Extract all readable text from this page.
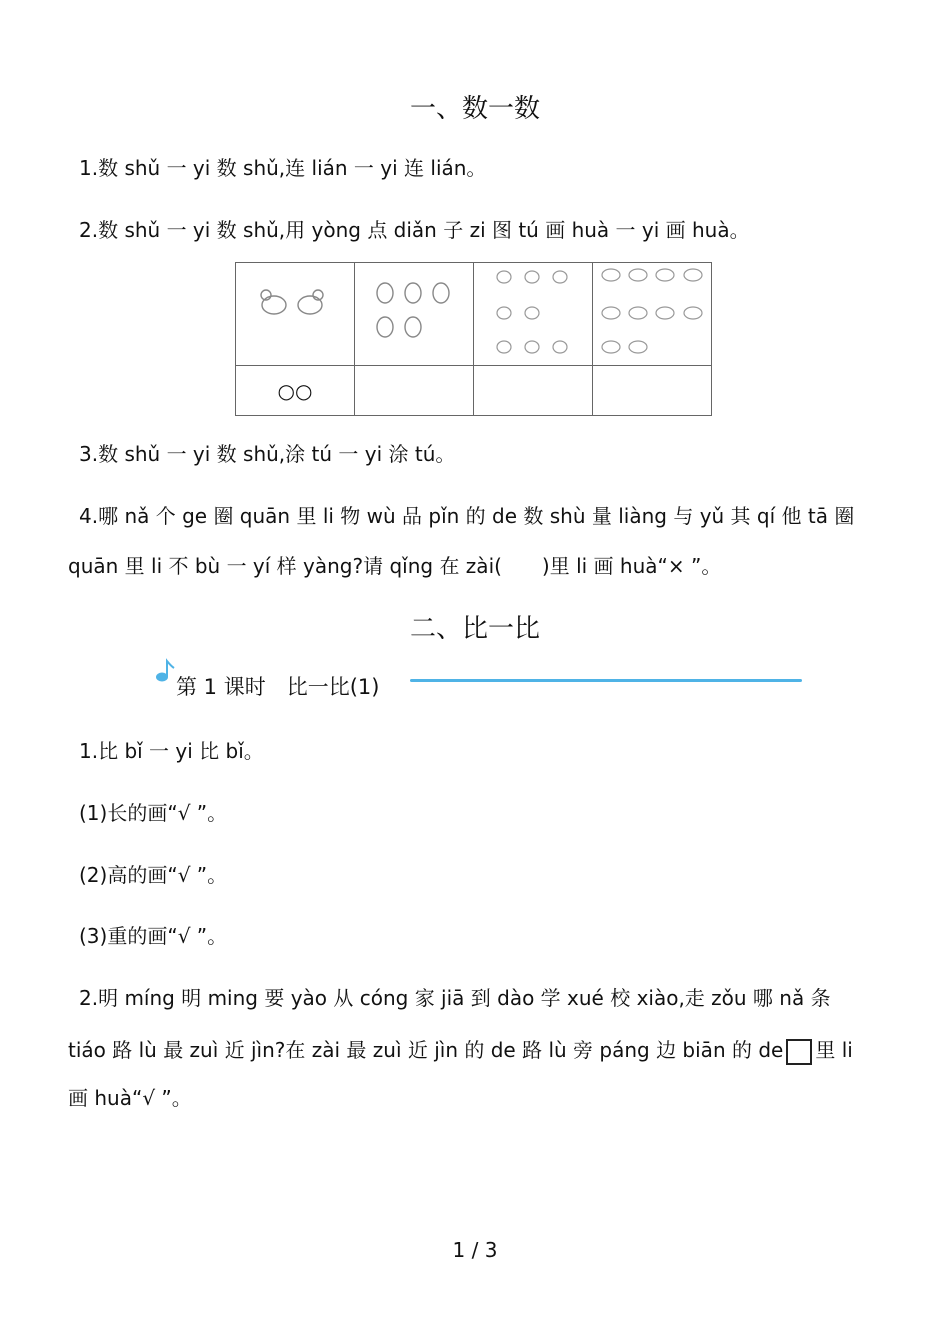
一、数一数
1.数 shǔ 一 yi 数 shǔ,连 lián 一 yi 连 lián。
2.数 shǔ 一 yi 数 shǔ,用 yòng 点 diǎn 子 zi 图 tú 画 huà 一 yi 画 huà。

○○			
3.数 shǔ 一 yi 数 shǔ,涂 tú 一 yi 涂 tú。
4.哪 nǎ 个 ge 圈 quān 里 li 物 wù 品 pǐn 的 de 数 shù 量 liàng 与 yǔ 其 qí 他 tā 圈
quān 里 li 不 bù 一 yí 样 yàng?请 qǐng 在 zài(　　)里 li 画 huà“× ”。
二、比一比
第 1 课时　比一比(1)
1.比 bǐ 一 yi 比 bǐ。
(1)长的画“√ ”。
(2)高的画“√ ”。
(3)重的画“√ ”。
2.明 míng 明 ming 要 yào 从 cóng 家 jiā 到 dào 学 xué 校 xiào,走 zǒu 哪 nǎ 条
tiáo 路 lù 最 zuì 近 jìn?在 zài 最 zuì 近 jìn 的 de 路 lù 旁 páng 边 biān 的 de 里 li
画 huà“√ ”。
1 / 3
